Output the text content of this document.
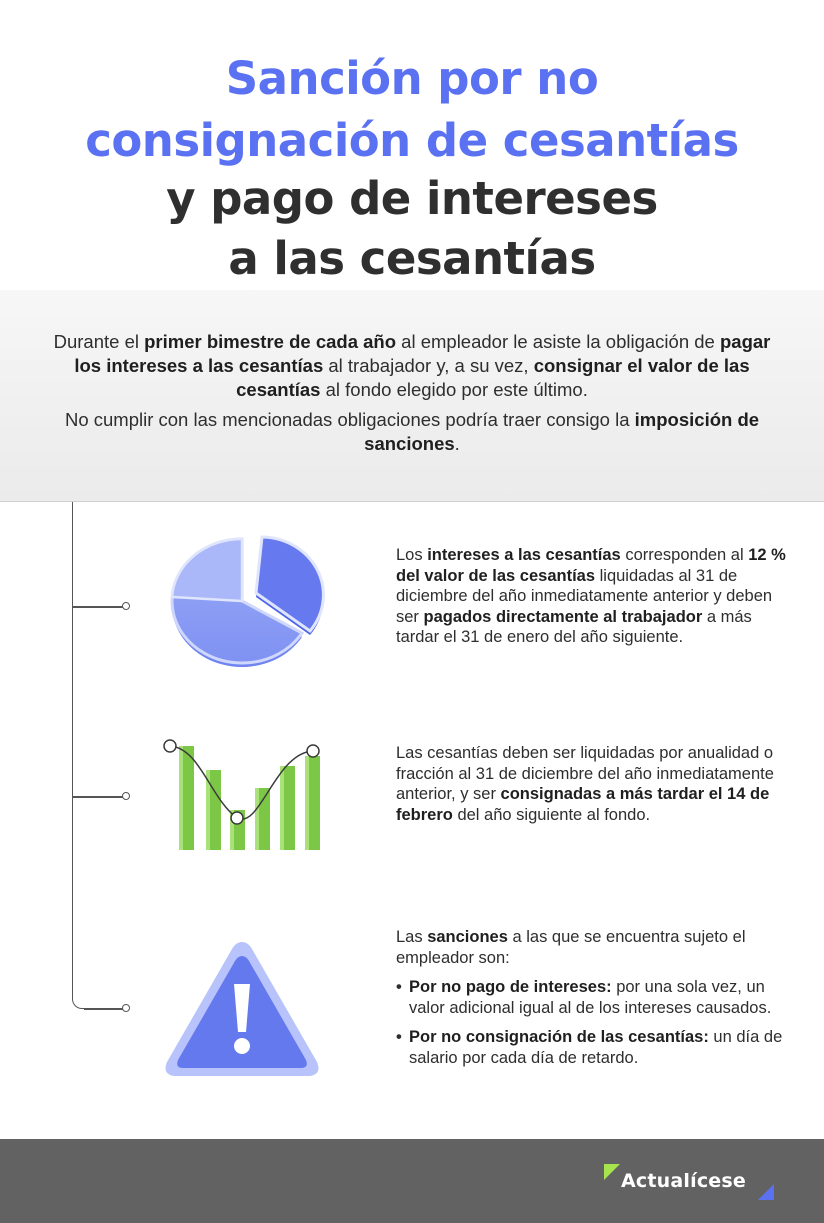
Sanción por no
consignación de cesantías
y pago de intereses
a las cesantías

Durante el primer bimestre de cada año al empleador le asiste la obligación de pagar los intereses a las cesantías al trabajador y, a su vez, consignar el valor de las cesantías al fondo elegido por este último.

No cumplir con las mencionadas obligaciones podría traer consigo la imposición de sanciones.

Los intereses a las cesantías corresponden al 12 % del valor de las cesantías liquidadas al 31 de diciembre del año inmediatamente anterior y deben ser pagados directamente al trabajador a más tardar el 31 de enero del año siguiente.
Las cesantías deben ser liquidadas por anualidad o fracción al 31 de diciembre del año inmediatamente anterior, y ser consignadas a más tardar el 14 de febrero del año siguiente al fondo.
Las sanciones a las que se encuentra sujeto el empleador son:
• Por no pago de intereses: por una sola vez, un valor adicional igual al de los intereses causados.
• Por no consignación de las cesantías: un día de salario por cada día de retardo.
Actualícese
